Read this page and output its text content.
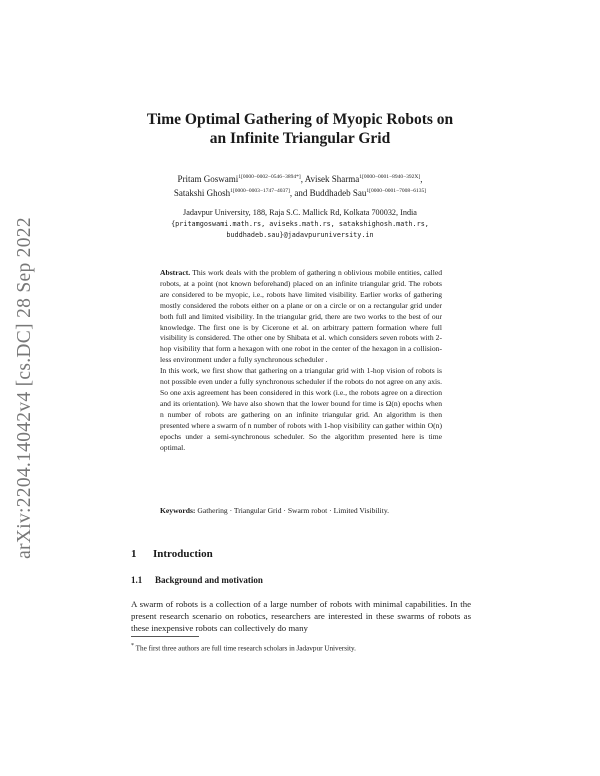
arXiv:2204.14042v4 [cs.DC] 28 Sep 2022
Time Optimal Gathering of Myopic Robots on
an Infinite Triangular Grid
Pritam Goswami$^{1[0000-0002-0546-3894*]}$, Avisek Sharma$^{1[0000-0001-8940-392X]}$,
Satakshi Ghosh$^{1[0000-0003-1747-4037]}$, and Buddhadeb Sau$^{1[0000-0001-7008-6135]}$
Jadavpur University, 188, Raja S.C. Mallick Rd, Kolkata 700032, India
{pritamgoswami.math.rs, aviseks.math.rs, satakshighosh.math.rs,
buddhadeb.sau}@jadavpuruniversity.in

Abstract. This work deals with the problem of gathering n oblivious mobile entities, called robots, at a point (not known beforehand) placed on an infinite triangular grid. The robots are considered to be myopic, i.e., robots have limited visibility. Earlier works of gathering mostly considered the robots either on a plane or on a circle or on a rectangular grid under both full and limited visibility. In the triangular grid, there are two works to the best of our knowledge. The first one is by Cicerone et al. on arbitrary pattern formation where full visibility is considered. The other one by Shibata et al. which considers seven robots with 2- hop visibility that form a hexagon with one robot in the center of the hexagon in a collision-less environment under a fully synchronous scheduler .

In this work, we first show that gathering on a triangular grid with 1-hop vision of robots is not possible even under a fully synchronous scheduler if the robots do not agree on any axis. So one axis agreement has been considered in this work (i.e., the robots agree on a direction and its orientation). We have also shown that the lower bound for time is Ω(n) epochs when n number of robots are gathering on an infinite triangular grid. An algorithm is then presented where a swarm of n number of robots with 1-hop visibility can gather within O(n) epochs under a semi-synchronous scheduler. So the algorithm presented here is time optimal.

Keywords: Gathering · Triangular Grid · Swarm robot · Limited Visibility.
1 Introduction
1.1 Background and motivation
A swarm of robots is a collection of a large number of robots with minimal capabilities. In the present research scenario on robotics, researchers are interested in these swarms of robots as these inexpensive robots can collectively do many
* The first three authors are full time research scholars in Jadavpur University.
